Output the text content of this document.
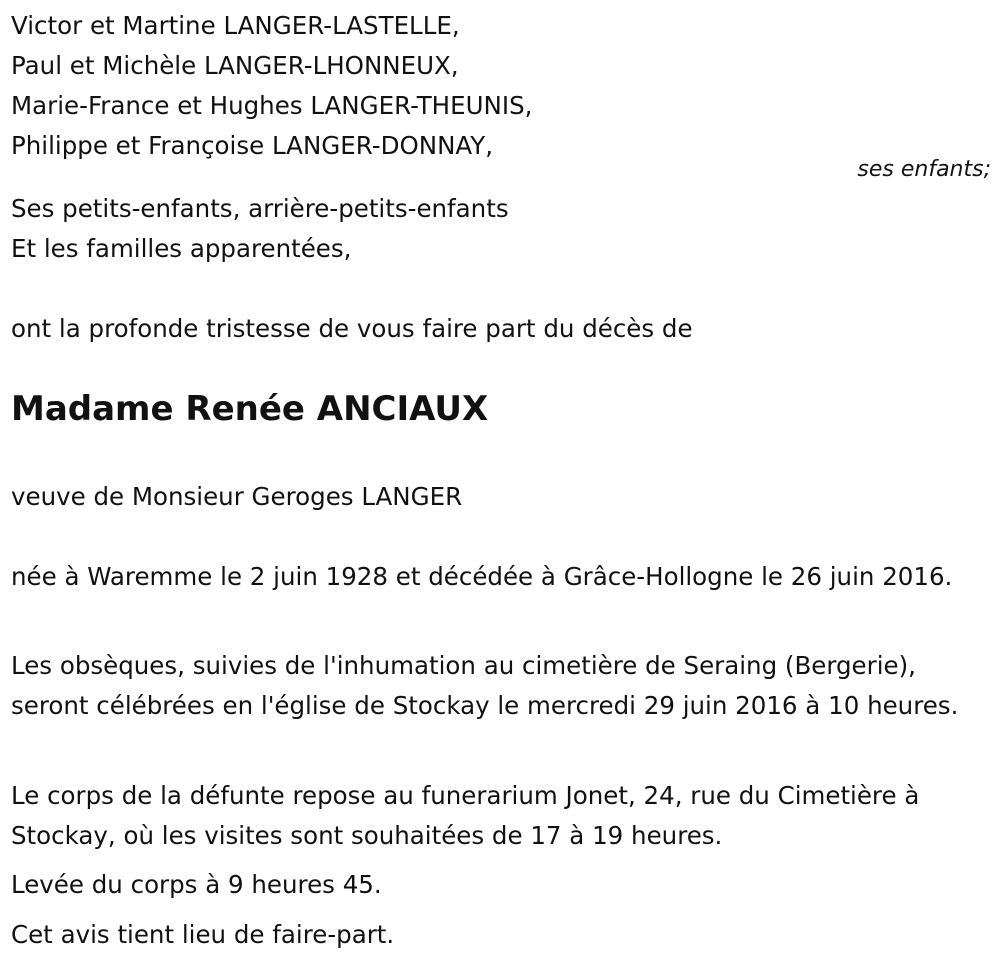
Victor et Martine LANGER-LASTELLE,
Paul et Michèle LANGER-LHONNEUX,
Marie-France et Hughes LANGER-THEUNIS,
Philippe et Françoise LANGER-DONNAY,
ses enfants;
Ses petits-enfants, arrière-petits-enfants
Et les familles apparentées,
ont la profonde tristesse de vous faire part du décès de
Madame Renée ANCIAUX
veuve de Monsieur Geroges LANGER
née à Waremme le 2 juin 1928 et décédée à Grâce-Hollogne le 26 juin 2016.
Les obsèques, suivies de l'inhumation au cimetière de Seraing (Bergerie), seront célébrées en l'église de Stockay le mercredi 29 juin 2016 à 10 heures.
Le corps de la défunte repose au funerarium Jonet, 24, rue du Cimetière à Stockay, où les visites sont souhaitées de 17 à 19 heures.
Levée du corps à 9 heures 45.
Cet avis tient lieu de faire-part.
